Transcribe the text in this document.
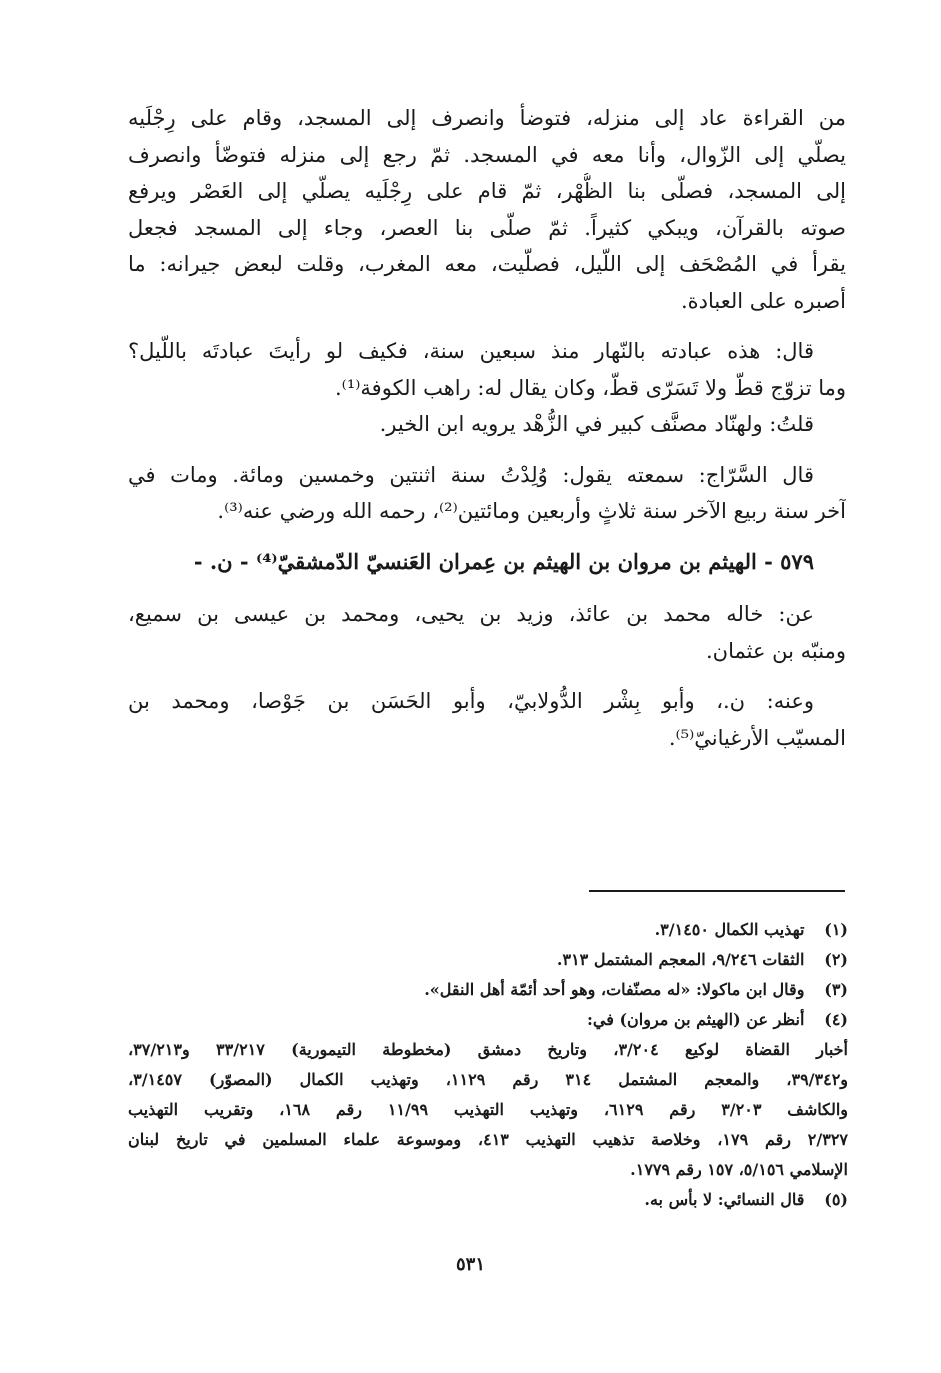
من القراءة عاد إلى منزله، فتوضأ وانصرف إلى المسجد، وقام على رِجْلَيه
يصلّي إلى الزّوال، وأنا معه في المسجد. ثمّ رجع إلى منزله فتوضّأ وانصرف
إلى المسجد، فصلّى بنا الظُّهْر، ثمّ قام على رِجْلَيه يصلّي إلى العَصْر ويرفع
صوته بالقرآن، ويبكي كثيراً. ثمّ صلّى بنا العصر، وجاء إلى المسجد فجعل
يقرأ في المُصْحَف إلى اللّيل، فصلّيت، معه المغرب، وقلت لبعض جيرانه: ما
أصبره على العبادة.
قال: هذه عبادته بالنّهار منذ سبعين سنة، فكيف لو رأيتَ عبادتَه باللّيل؟
وما تزوّج قطّ ولا تَسَرّى قطّ، وكان يقال له: راهب الكوفة⁽¹⁾.
قلتُ: ولهنّاد مصنَّف كبير في الزُّهْد يرويه ابن الخير.
قال السَّرّاج: سمعته يقول: وُلِدْتُ سنة اثنتين وخمسين ومائة. ومات في
آخر سنة ربيع الآخر سنة ثلاثٍ وأربعين ومائتين⁽²⁾، رحمه الله ورضي عنه⁽³⁾.
٥٧٩ - الهيثم بن مروان بن الهيثم بن عِمران العَنسيّ الدّمشقيّ⁽⁴⁾ - ن. -
عن: خاله محمد بن عائذ، وزيد بن يحيى، ومحمد بن عيسى بن سميع،
ومنبّه بن عثمان.
وعنه: ن.، وأبو بِشْر الدُّولابيّ، وأبو الحَسَن بن جَوْصا، ومحمد بن
المسيّب الأرغيانيّ⁽⁵⁾.
(١) تهذيب الكمال ٣/١٤٥٠.
(٢) الثقات ٩/٢٤٦، المعجم المشتمل ٣١٣.
(٣) وقال ابن ماكولا: «له مصنّفات، وهو أحد أئمّة أهل النقل».
(٤) أنظر عن (الهيثم بن مروان) في:
أخبار القضاة لوكيع ٣/٢٠٤، وتاريخ دمشق (مخطوطة التيمورية) ٣٣/٢١٧ و٣٧/٢١٣،
و٣٩/٣٤٢، والمعجم المشتمل ٣١٤ رقم ١١٢٩، وتهذيب الكمال (المصوّر) ٣/١٤٥٧،
والكاشف ٣/٢٠٣ رقم ٦١٢٩، وتهذيب التهذيب ١١/٩٩ رقم ١٦٨، وتقريب التهذيب
٢/٣٢٧ رقم ١٧٩، وخلاصة تذهيب التهذيب ٤١٣، وموسوعة علماء المسلمين في تاريخ لبنان
الإسلامي ٥/١٥٦، ١٥٧ رقم ١٧٧٩.
(٥) قال النسائي: لا بأس به.
٥٣١
